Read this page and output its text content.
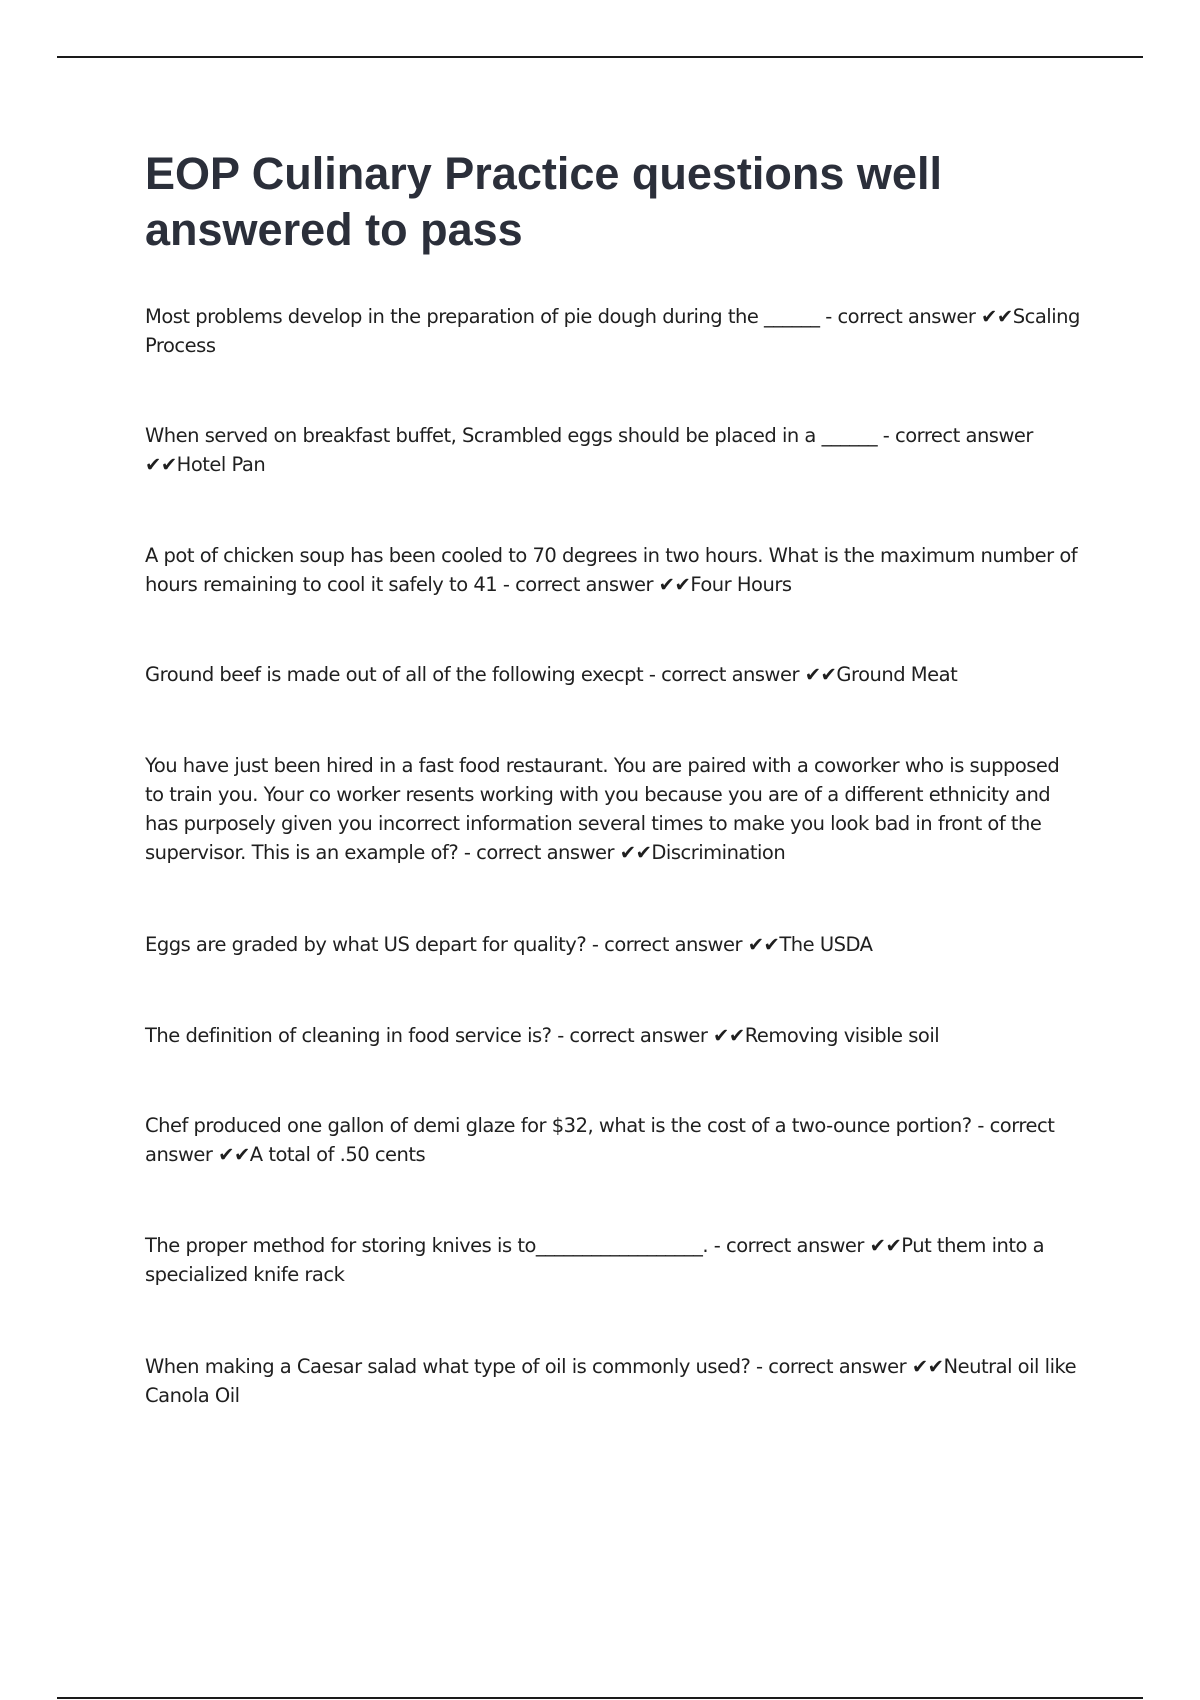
EOP Culinary Practice questions well answered to pass

Most problems develop in the preparation of pie dough during the ______ - correct answer ✔✔Scaling Process

When served on breakfast buffet, Scrambled eggs should be placed in a ______ - correct answer ✔✔Hotel Pan

A pot of chicken soup has been cooled to 70 degrees in two hours. What is the maximum number of hours remaining to cool it safely to 41 - correct answer ✔✔Four Hours

Ground beef is made out of all of the following execpt - correct answer ✔✔Ground Meat

You have just been hired in a fast food restaurant. You are paired with a coworker who is supposed to train you. Your co worker resents working with you because you are of a different ethnicity and has purposely given you incorrect information several times to make you look bad in front of the supervisor. This is an example of? - correct answer ✔✔Discrimination

Eggs are graded by what US depart for quality? - correct answer ✔✔The USDA

The definition of cleaning in food service is? - correct answer ✔✔Removing visible soil

Chef produced one gallon of demi glaze for $32, what is the cost of a two-ounce portion? - correct answer ✔✔A total of .50 cents

The proper method for storing knives is to__________________. - correct answer ✔✔Put them into a specialized knife rack

When making a Caesar salad what type of oil is commonly used? - correct answer ✔✔Neutral oil like Canola Oil
